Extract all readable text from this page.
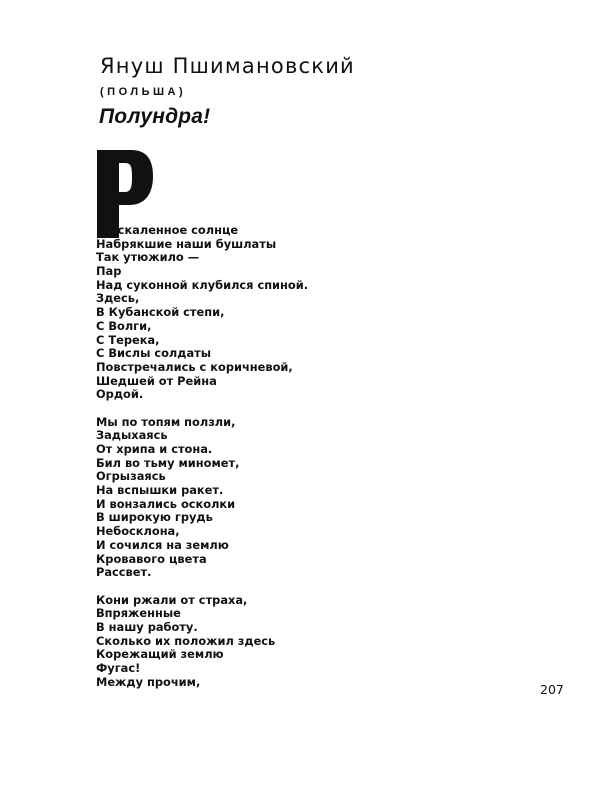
Януш Пшимановский
(ПОЛЬША)
Полундра!
аскаленное солнце
Набрякшие наши бушлаты
Так утюжило —
Пар
Над суконной клубился спиной.
Здесь,
В Кубанской степи,
С Волги,
С Терека,
С Вислы солдаты
Повстречались с коричневой,
Шедшей от Рейна
Ордой.
Мы по топям ползли,
Задыхаясь
От хрипа и стона.
Бил во тьму миномет,
Огрызаясь
На вспышки ракет.
И вонзались осколки
В широкую грудь
Небосклона,
И сочился на землю
Кровавого цвета
Рассвет.
Кони ржали от страха,
Впряженные
В нашу работу.
Сколько их положил здесь
Корежащий землю
Фугас!
Между прочим,
207
